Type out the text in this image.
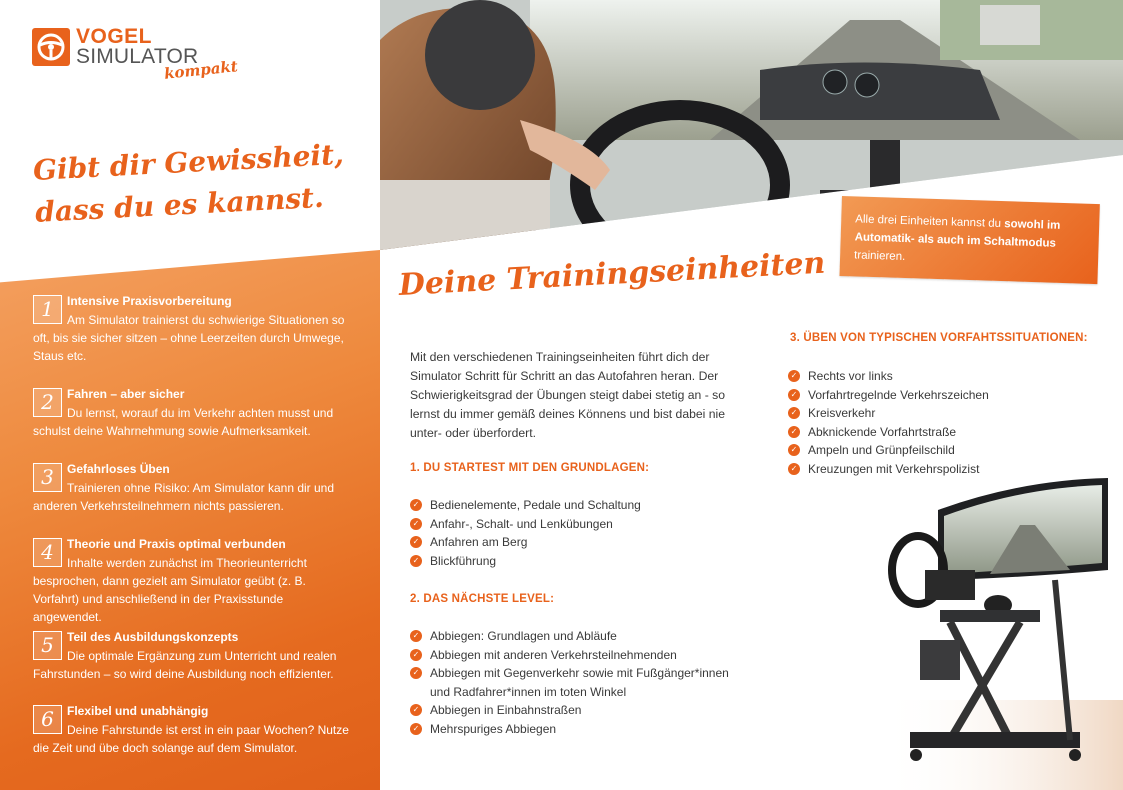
VOGEL
SIMULATOR
kompakt
Gibt dir Gewissheit,
dass du es kannst.
1	Intensive Praxisvorbereitung
Am Simulator trainierst du schwierige Situationen so oft, bis sie sicher sitzen – ohne Leerzeiten durch Umwege, Staus etc.
2	Fahren – aber sicher
Du lernst, worauf du im Verkehr achten musst und schulst deine Wahrnehmung sowie Aufmerksamkeit.
3	Gefahrloses Üben
Trainieren ohne Risiko: Am Simulator kann dir und anderen Verkehrsteilnehmern nichts passieren.
4	Theorie und Praxis optimal verbunden
Inhalte werden zunächst im Theorieunterricht besprochen, dann gezielt am Simulator geübt (z. B. Vorfahrt) und anschließend in der Praxisstunde angewendet.
5	Teil des Ausbildungskonzepts
Die optimale Ergänzung zum Unterricht und realen Fahrstunden – so wird deine Ausbildung noch effizienter.
6	Flexibel und unabhängig
Deine Fahrstunde ist erst in ein paar Wochen? Nutze die Zeit und übe doch solange auf dem Simulator.
Alle drei Einheiten kannst du sowohl im Automatik- als auch im Schaltmodus trainieren.
Deine Trainingseinheiten
Mit den verschiedenen Trainingseinheiten führt dich der Simulator Schritt für Schritt an das Autofahren heran. Der Schwierigkeitsgrad der Übungen steigt dabei stetig an - so lernst du immer gemäß deines Könnens und bist dabei nie unter- oder überfordert.
1. DU STARTEST MIT DEN GRUNDLAGEN:
✓ Bedienelemente, Pedale und Schaltung
✓ Anfahr-, Schalt- und Lenkübungen
✓ Anfahren am Berg
✓ Blickführung
2. DAS NÄCHSTE LEVEL:
✓ Abbiegen: Grundlagen und Abläufe
✓ Abbiegen mit anderen Verkehrsteilnehmenden
✓ Abbiegen mit Gegenverkehr sowie mit Fußgänger*innen und Radfahrer*innen im toten Winkel
✓ Abbiegen in Einbahnstraßen
✓ Mehrspuriges Abbiegen
3. ÜBEN VON TYPISCHEN VORFAHTSSITUATIONEN:
✓ Rechts vor links
✓ Vorfahrtregelnde Verkehrszeichen
✓ Kreisverkehr
✓ Abknickende Vorfahrtstraße
✓ Ampeln und Grünpfeilschild
✓ Kreuzungen mit Verkehrspolizist
